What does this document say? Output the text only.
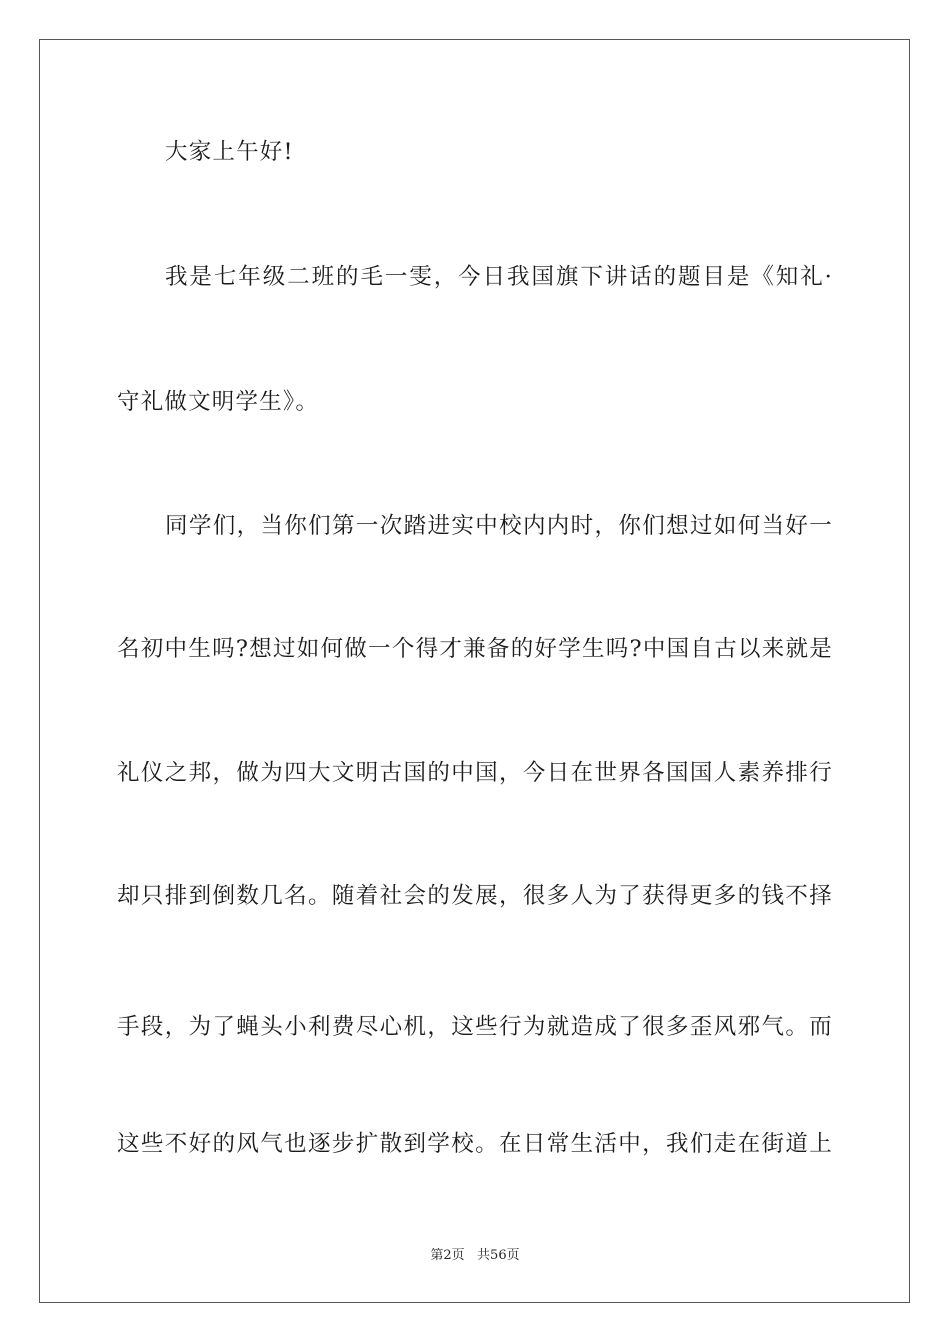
大家上午好!
我是七年级二班的毛一雯，今日我国旗下讲话的题目是《知礼·
守礼做文明学生》。
同学们，当你们第一次踏进实中校内内时，你们想过如何当好一
名初中生吗?想过如何做一个得才兼备的好学生吗?中国自古以来就是
礼仪之邦，做为四大文明古国的中国，今日在世界各国国人素养排行
却只排到倒数几名。随着社会的发展，很多人为了获得更多的钱不择
手段，为了蝇头小利费尽心机，这些行为就造成了很多歪风邪气。而
这些不好的风气也逐步扩散到学校。在日常生活中，我们走在街道上
第2页   共56页
